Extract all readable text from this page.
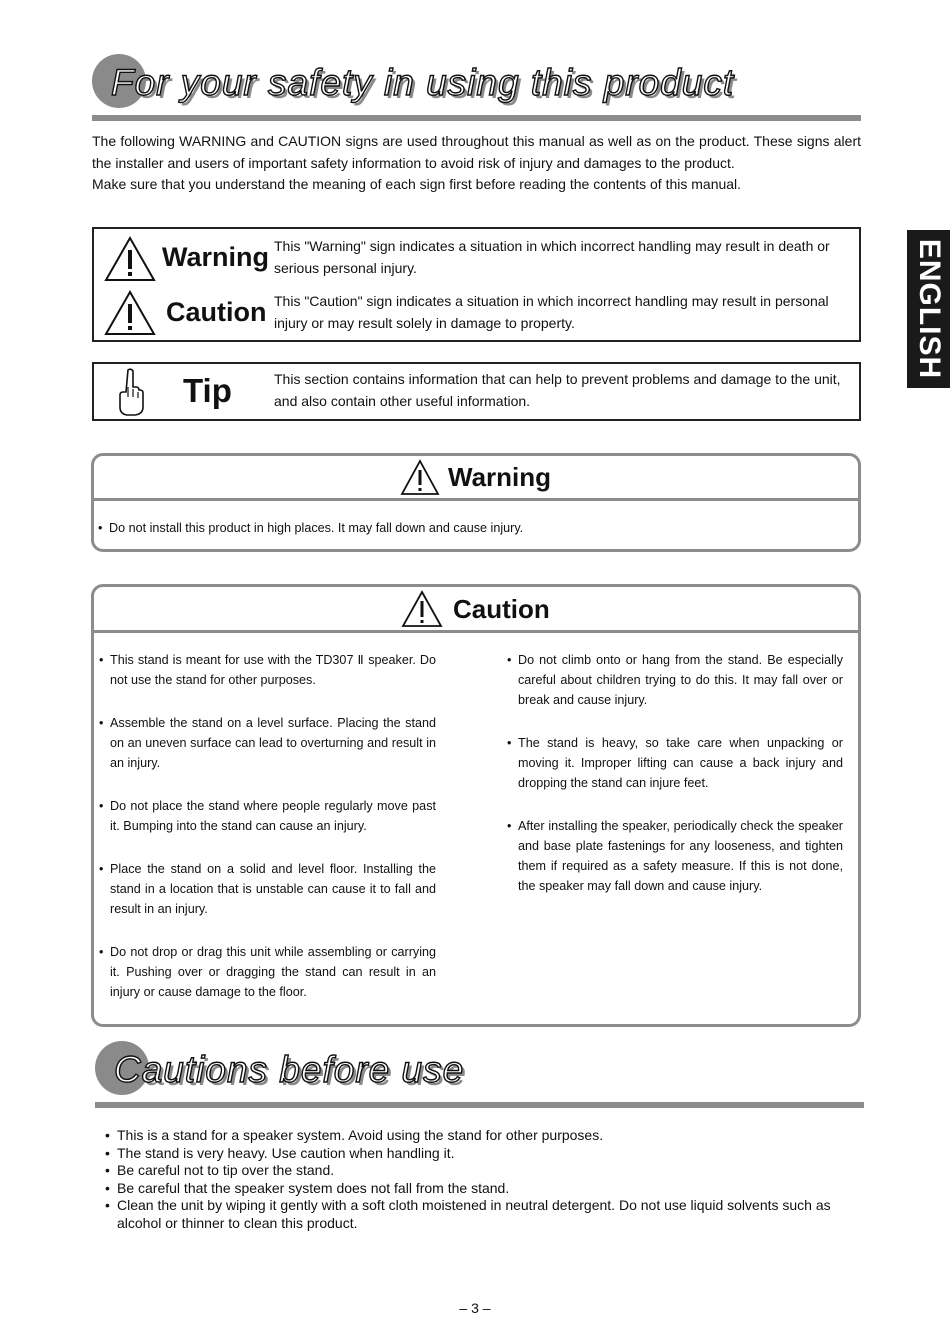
For your safety in using this product

The following WARNING and CAUTION signs are used throughout this manual as well as on the product. These signs alert the installer and users of important safety information to avoid risk of injury and damages to the product.

Make sure that you understand the meaning of each sign first before reading the contents of this manual.

Warning This "Warning" sign indicates a situation in which incorrect handling may result in death or serious personal injury.
Caution This "Caution" sign indicates a situation in which incorrect handling may result in personal injury or may result solely in damage to property.
Tip	This section contains information that can help to prevent problems and damage to the unit, and also contain other useful information.
ENGLISH
Warning
• Do not install this product in high places. It may fall down and cause injury.
Caution
• This stand is meant for use with the TD307 Ⅱ speaker. Do not use the stand for other purposes.
• Assemble the stand on a level surface. Placing the stand on an uneven surface can lead to overturning and result in an injury.
• Do not place the stand where people regularly move past it. Bumping into the stand can cause an injury.
• Place the stand on a solid and level floor. Installing the stand in a location that is unstable can cause it to fall and result in an injury.
• Do not drop or drag this unit while assembling or carrying it. Pushing over or dragging the stand can result in an injury or cause damage to the floor.
• Do not climb onto or hang from the stand. Be especially careful about children trying to do this. It may fall over or break and cause injury.
• The stand is heavy, so take care when unpacking or moving it. Improper lifting can cause a back injury and dropping the stand can injure feet.
• After installing the speaker, periodically check the speaker and base plate fastenings for any looseness, and tighten them if required as a safety measure. If this is not done, the speaker may fall down and cause injury.
Cautions before use
• This is a stand for a speaker system. Avoid using the stand for other purposes.
• The stand is very heavy. Use caution when handling it.
• Be careful not to tip over the stand.
• Be careful that the speaker system does not fall from the stand.
• Clean the unit by wiping it gently with a soft cloth moistened in neutral detergent. Do not use liquid solvents such as alcohol or thinner to clean this product.
– 3 –
